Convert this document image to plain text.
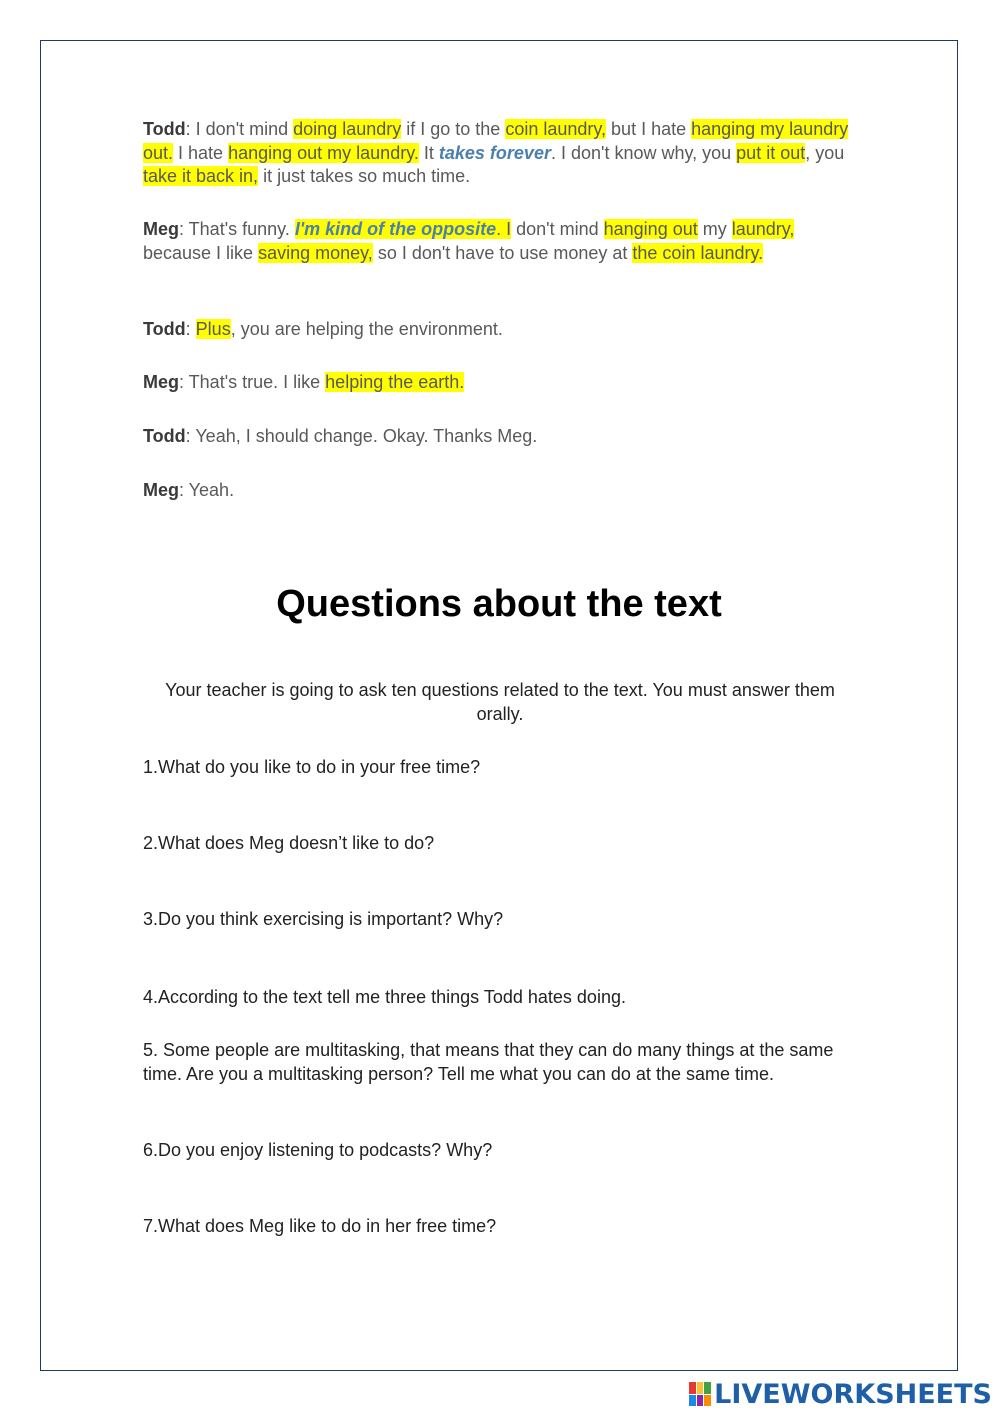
Todd: I don't mind doing laundry if I go to the coin laundry, but I hate hanging my laundry out. I hate hanging out my laundry. It takes forever. I don't know why, you put it out, you take it back in, it just takes so much time.

Meg: That's funny. I'm kind of the opposite. I don't mind hanging out my laundry, because I like saving money, so I don't have to use money at the coin laundry.

Todd: Plus, you are helping the environment.

Meg: That's true. I like helping the earth.

Todd: Yeah, I should change. Okay. Thanks Meg.

Meg: Yeah.

Questions about the text

Your teacher is going to ask ten questions related to the text. You must answer them orally.

1.What do you like to do in your free time?

2.What does Meg doesn’t like to do?

3.Do you think exercising is important? Why?

4.According to the text tell me three things Todd hates doing.

5. Some people are multitasking, that means that they can do many things at the same time. Are you a multitasking person? Tell me what you can do at the same time.

6.Do you enjoy listening to podcasts? Why?

7.What does Meg like to do in her free time?

LIVEWORKSHEETS
